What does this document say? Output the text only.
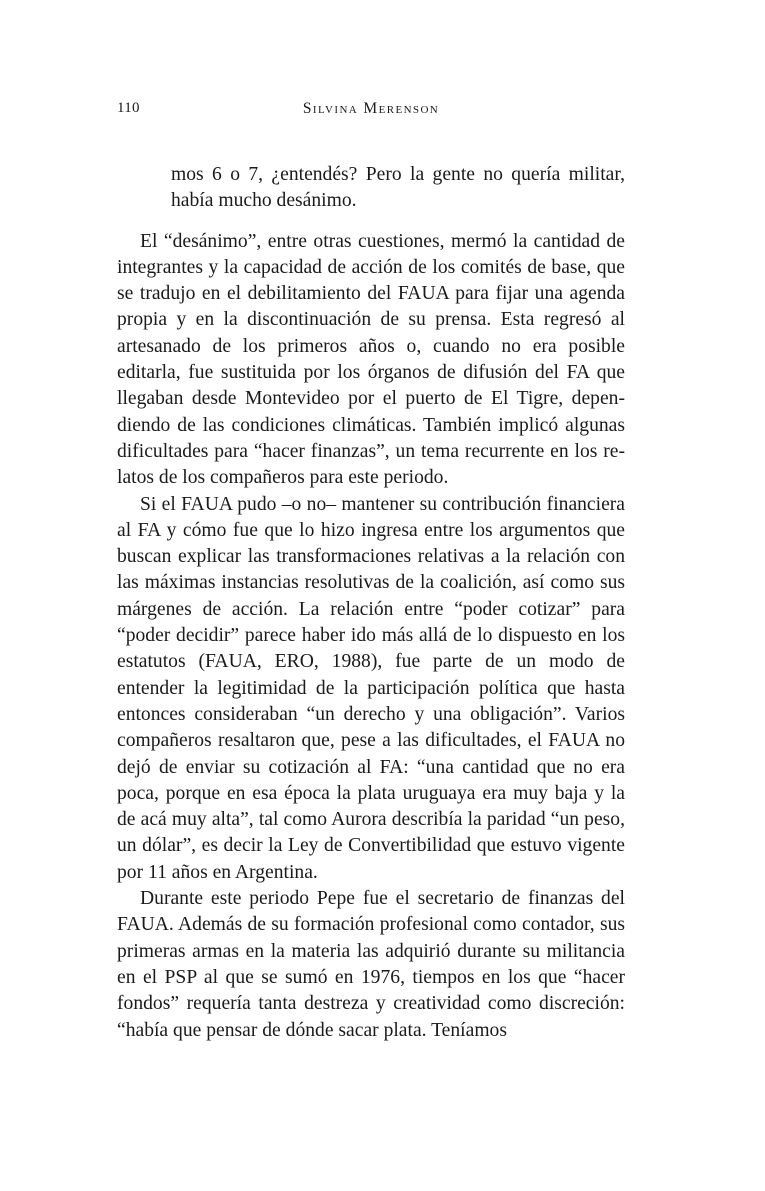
110	Silvina Merenson

mos 6 o 7, ¿entendés? Pero la gente no quería militar, había mucho desánimo.

El “desánimo”, entre otras cuestiones, mermó la cantidad de integrantes y la capacidad de acción de los comités de base, que se tradujo en el debilitamiento del FAUA para fijar una agenda propia y en la discontinuación de su prensa. Esta regresó al artesanado de los primeros años o, cuando no era posible editarla, fue sustituida por los órganos de difusión del FA que llegaban desde Montevideo por el puerto de El Tigre, dependiendo de las condiciones climáticas. También implicó algunas dificultades para “hacer finanzas”, un tema recurrente en los relatos de los compañeros para este periodo.

Si el FAUA pudo –o no– mantener su contribución financiera al FA y cómo fue que lo hizo ingresa entre los argumentos que buscan explicar las transformaciones relativas a la relación con las máximas instancias resolutivas de la coalición, así como sus márgenes de acción. La relación entre “poder cotizar” para “poder decidir” parece haber ido más allá de lo dispuesto en los estatutos (FAUA, ERO, 1988), fue parte de un modo de entender la legitimidad de la participación política que hasta entonces consideraban “un derecho y una obligación”. Varios compañeros resaltaron que, pese a las dificultades, el FAUA no dejó de enviar su cotización al FA: “una cantidad que no era poca, porque en esa época la plata uruguaya era muy baja y la de acá muy alta”, tal como Aurora describía la paridad “un peso, un dólar”, es decir la Ley de Convertibilidad que estuvo vigente por 11 años en Argentina.

Durante este periodo Pepe fue el secretario de finanzas del FAUA. Además de su formación profesional como contador, sus primeras armas en la materia las adquirió durante su militancia en el PSP al que se sumó en 1976, tiempos en los que “hacer fondos” requería tanta destreza y creatividad como discreción: “había que pensar de dónde sacar plata. Teníamos
